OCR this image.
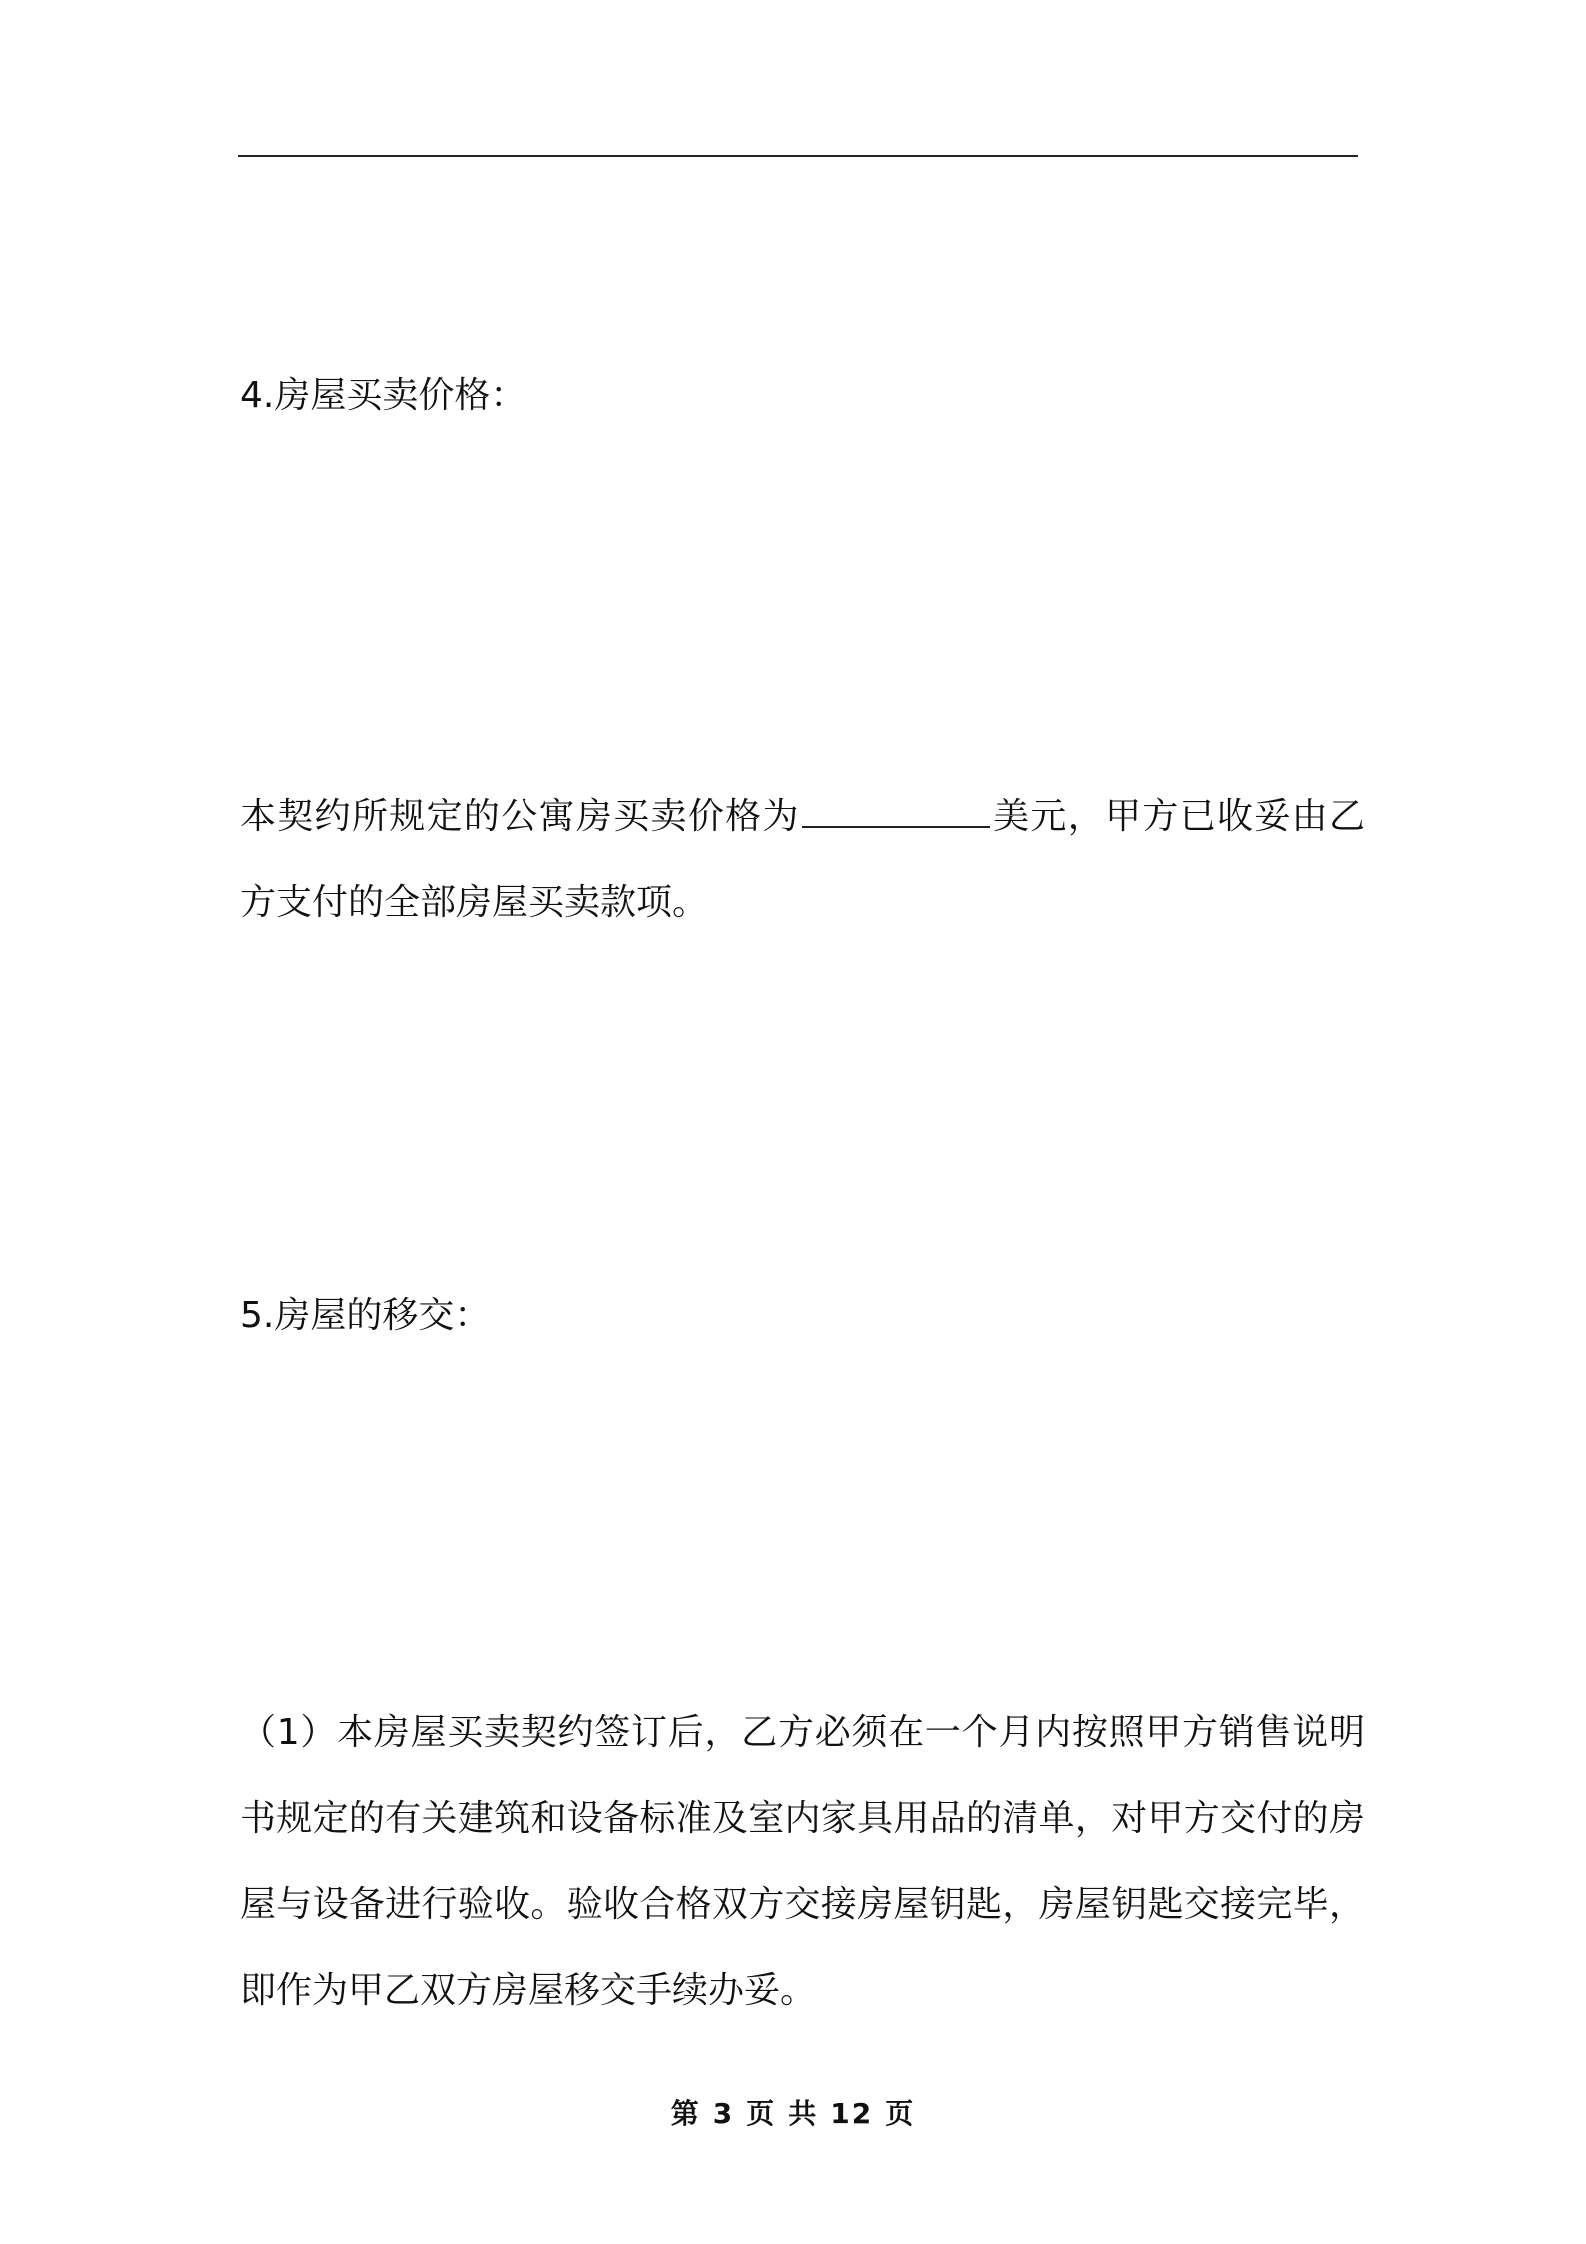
4.房屋买卖价格：
本契约所规定的公寓房买卖价格为	美元，甲方已收妥由乙方支付的全部房屋买卖款项。
5.房屋的移交：
（1）本房屋买卖契约签订后，乙方必须在一个月内按照甲方销售说明书规定的有关建筑和设备标准及室内家具用品的清单，对甲方交付的房屋与设备进行验收。验收合格双方交接房屋钥匙，房屋钥匙交接完毕，即作为甲乙双方房屋移交手续办妥。
第 3 页 共 12 页
